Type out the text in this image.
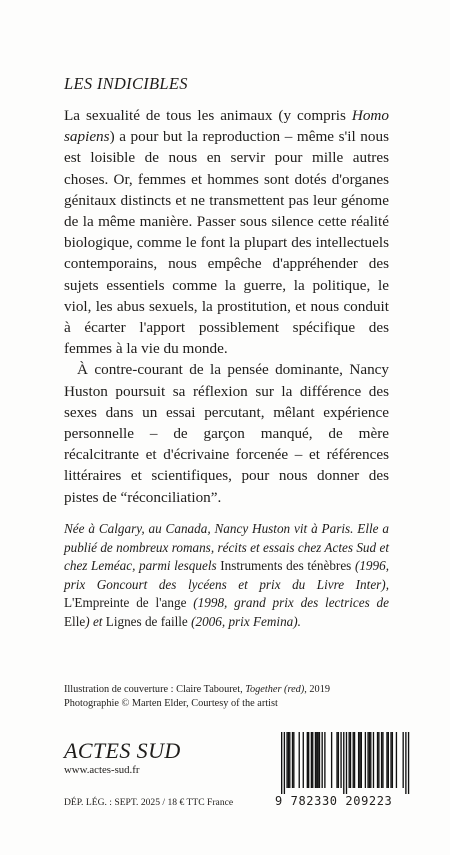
LES INDICIBLES

La sexualité de tous les animaux (y compris Homo sapiens) a pour but la reproduction – même s'il nous est loisible de nous en servir pour mille autres choses. Or, femmes et hommes sont dotés d'organes génitaux distincts et ne transmettent pas leur génome de la même manière. Passer sous silence cette réalité biologique, comme le font la plupart des intellectuels contemporains, nous empêche d'appréhender des sujets essentiels comme la guerre, la politique, le viol, les abus sexuels, la prostitution, et nous conduit à écarter l'apport possiblement spécifique des femmes à la vie du monde.

À contre-courant de la pensée dominante, Nancy Huston poursuit sa réflexion sur la différence des sexes dans un essai percutant, mêlant expérience personnelle – de garçon manqué, de mère récalcitrante et d'écrivaine forcenée – et références littéraires et scientifiques, pour nous donner des pistes de “réconciliation”.

Née à Calgary, au Canada, Nancy Huston vit à Paris. Elle a publié de nombreux romans, récits et essais chez Actes Sud et chez Leméac, parmi lesquels Instruments des ténèbres (1996, prix Goncourt des lycéens et prix du Livre Inter), L'Empreinte de l'ange (1998, grand prix des lectrices de Elle) et Lignes de faille (2006, prix Femina).
Illustration de couverture : Claire Tabouret, Together (red), 2019
Photographie © Marten Elder, Courtesy of the artist

ACTES SUD

www.actes-sud.fr

DÉP. LÉG. : SEPT. 2025 / 18 € TTC France	9 782330 209223
